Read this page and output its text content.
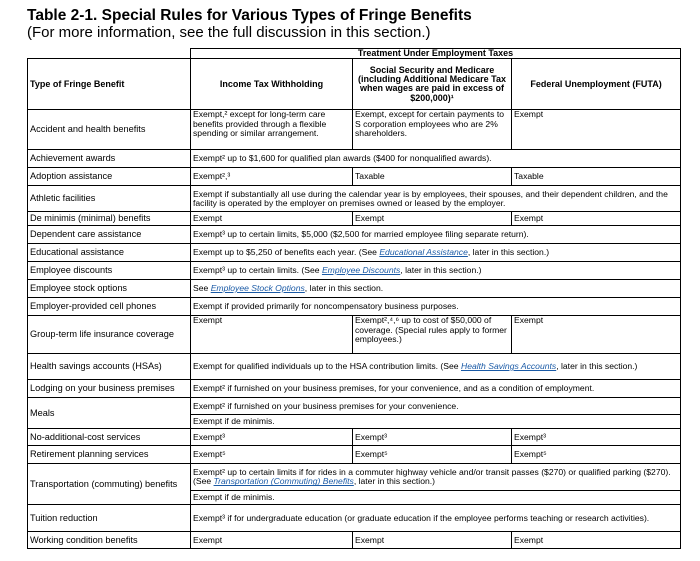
Table 2-1. Special Rules for Various Types of Fringe Benefits
(For more information, see the full discussion in this section.)
	Treatment Under Employment Taxes		
Type of Fringe Benefit	Income Tax Withholding	Social Security and Medicare (including Additional Medicare Tax when wages are paid in excess of $200,000)¹	Federal Unemployment (FUTA)
Accident and health benefits	Exempt,² except for long-term care benefits provided through a flexible spending or similar arrangement.	Exempt, except for certain payments to S corporation employees who are 2% shareholders.	Exempt
Achievement awards	Exempt² up to $1,600 for qualified plan awards ($400 for nonqualified awards).		
Adoption assistance	Exempt²,³	Taxable	Taxable
Athletic facilities	Exempt if substantially all use during the calendar year is by employees, their spouses, and their dependent children, and the facility is operated by the employer on premises owned or leased by the employer.		
De minimis (minimal) benefits	Exempt	Exempt	Exempt
Dependent care assistance	Exempt³ up to certain limits, $5,000 ($2,500 for married employee filing separate return).		
Educational assistance	Exempt up to $5,250 of benefits each year. (See Educational Assistance, later in this section.)		
Employee discounts	Exempt³ up to certain limits. (See Employee Discounts, later in this section.)		
Employee stock options	See Employee Stock Options, later in this section.		
Employer-provided cell phones	Exempt if provided primarily for noncompensatory business purposes.		
Group-term life insurance coverage	Exempt	Exempt²,⁴,⁶ up to cost of $50,000 of coverage. (Special rules apply to former employees.)	Exempt
Health savings accounts (HSAs)	Exempt for qualified individuals up to the HSA contribution limits. (See Health Savings Accounts, later in this section.)		
Lodging on your business premises	Exempt² if furnished on your business premises, for your convenience, and as a condition of employment.		
Meals	Exempt² if furnished on your business premises for your convenience.		
	Exempt if de minimis.		
No-additional-cost services	Exempt³	Exempt³	Exempt³
Retirement planning services	Exempt⁵	Exempt⁵	Exempt⁵
Transportation (commuting) benefits	Exempt² up to certain limits if for rides in a commuter highway vehicle and/or transit passes ($270) or qualified parking ($270). (See Transportation (Commuting) Benefits, later in this section.)		
	Exempt if de minimis.		
Tuition reduction	Exempt³ if for undergraduate education (or graduate education if the employee performs teaching or research activities).		
Working condition benefits	Exempt	Exempt	Exempt
